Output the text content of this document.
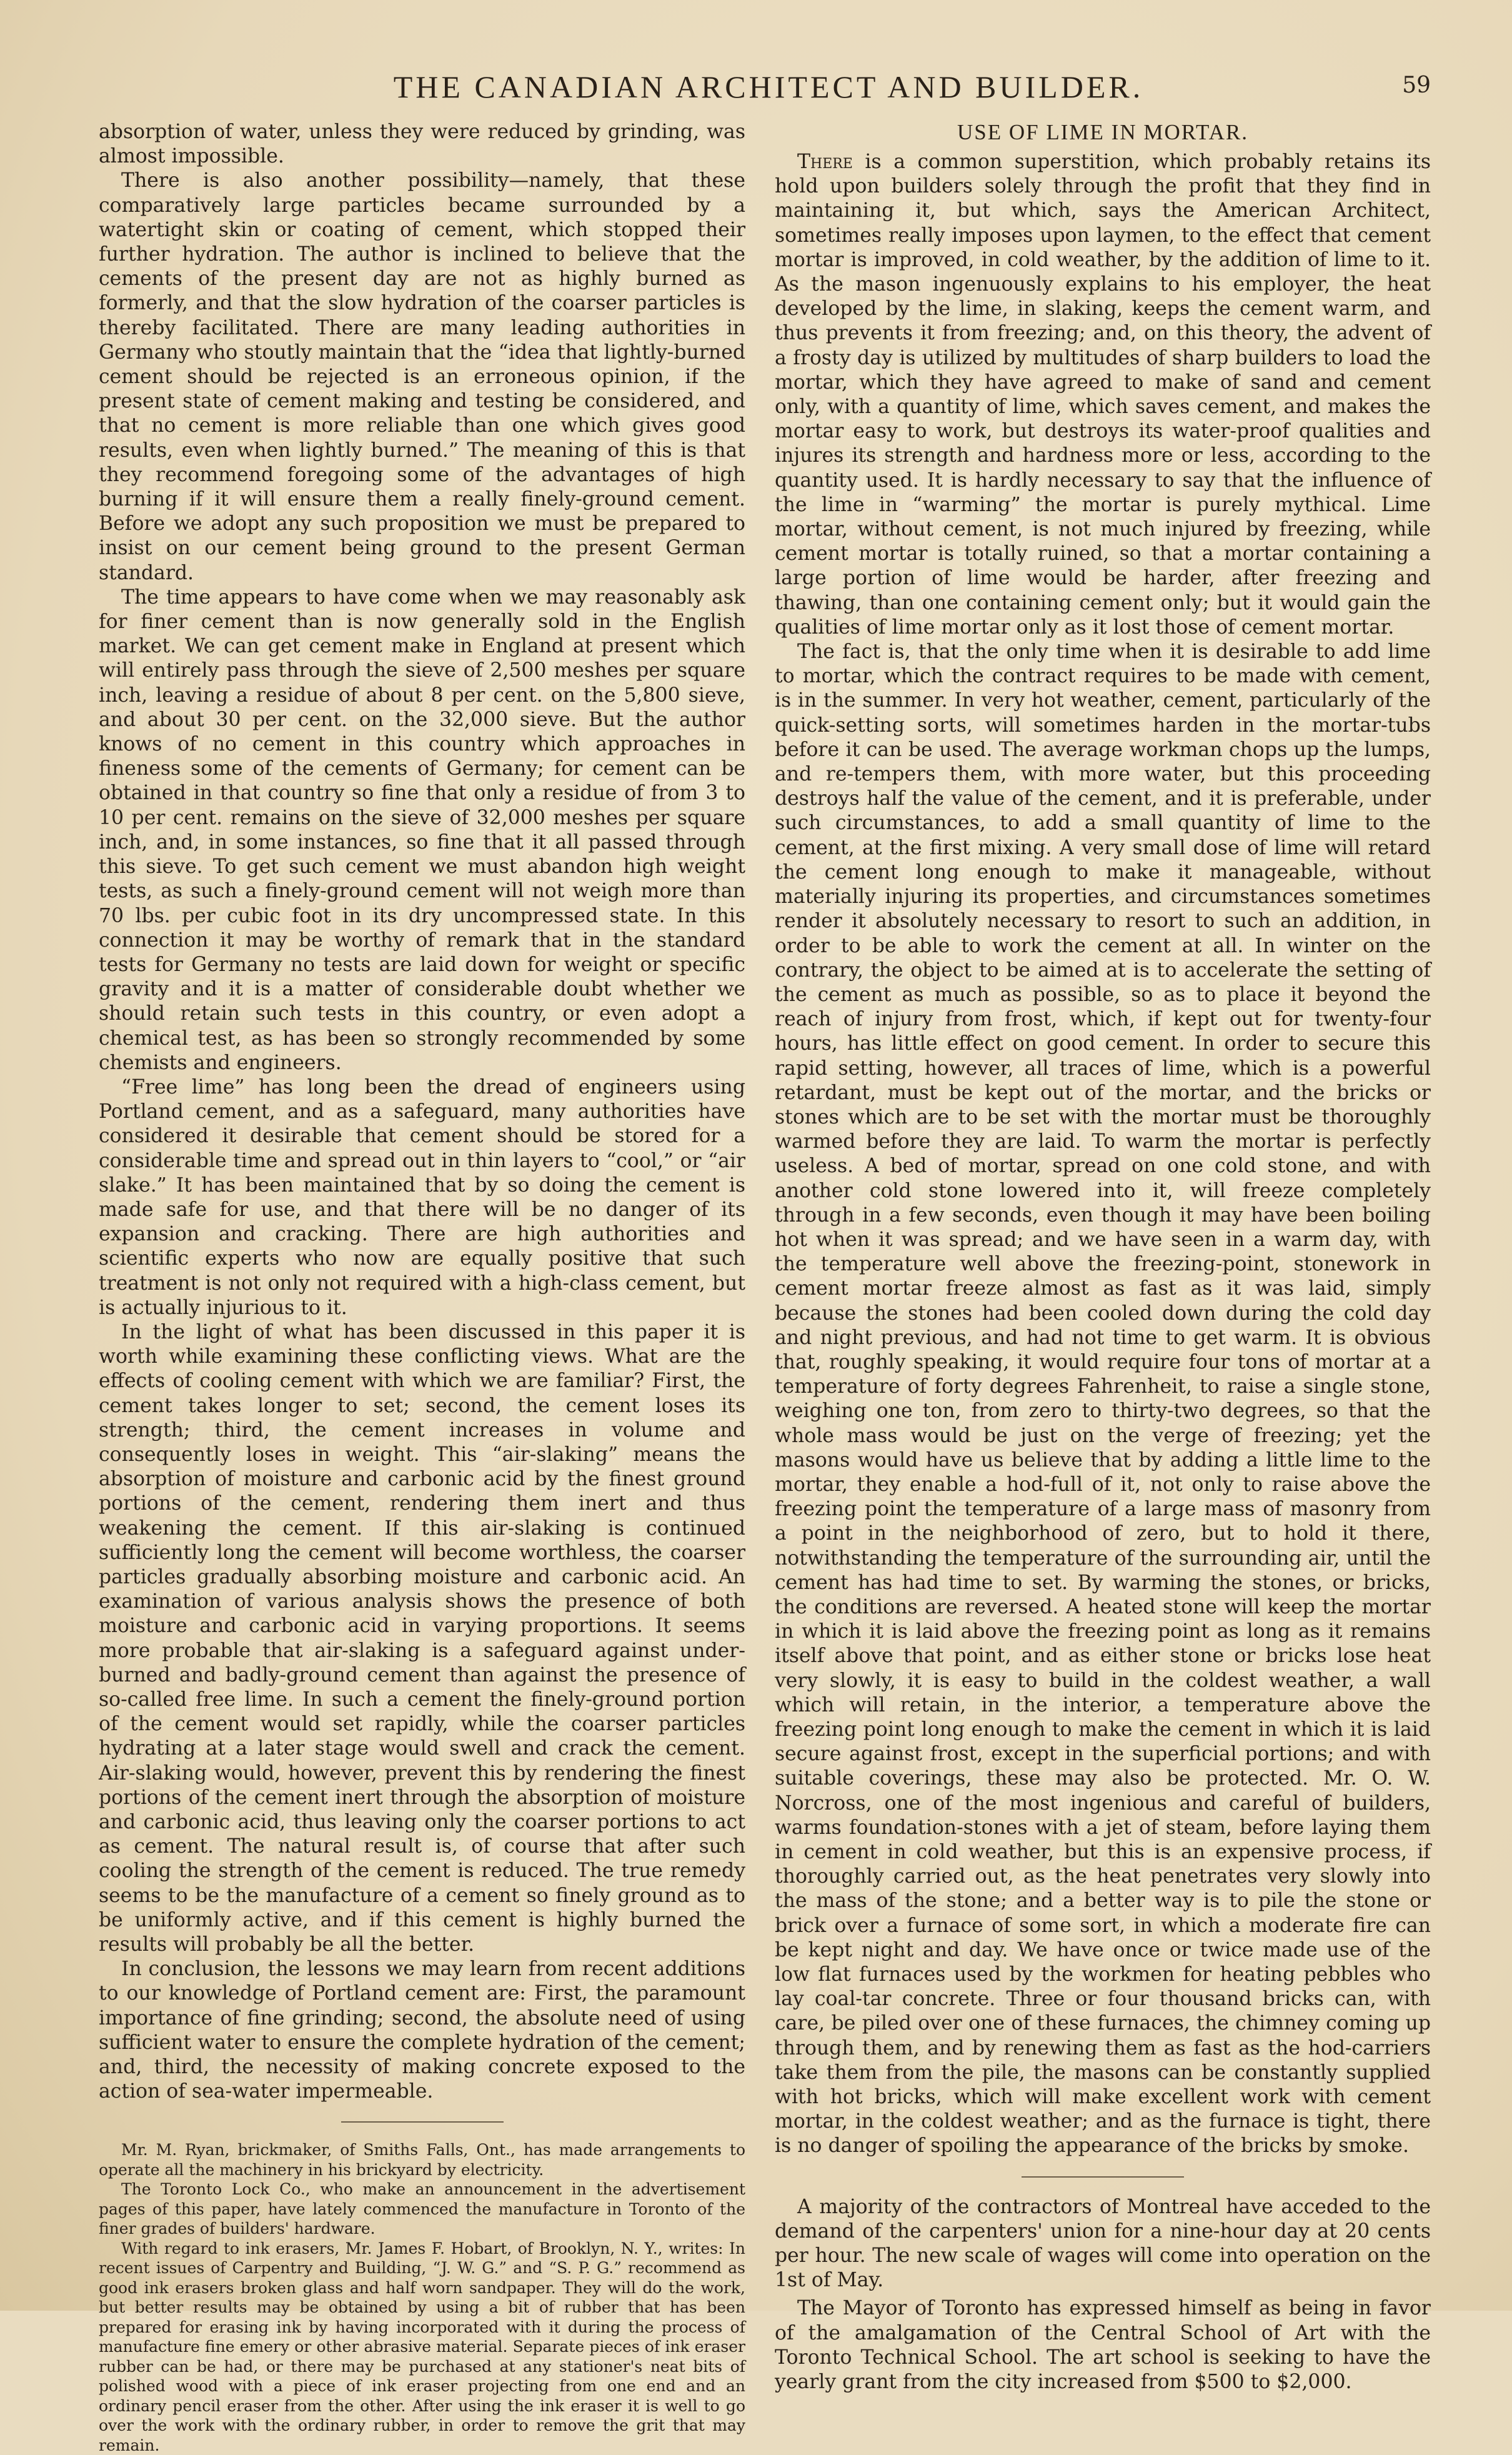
THE CANADIAN ARCHITECT AND BUILDER.	59

absorption of water, unless they were reduced by grinding, was almost impossible.

There is also another possibility—namely, that these comparatively large particles became surrounded by a watertight skin or coating of cement, which stopped their further hydration. The author is inclined to believe that the cements of the present day are not as highly burned as formerly, and that the slow hydration of the coarser particles is thereby facilitated. There are many leading authorities in Germany who stoutly maintain that the “idea that lightly-burned cement should be rejected is an erroneous opinion, if the present state of cement making and testing be considered, and that no cement is more reliable than one which gives good results, even when lightly burned.” The meaning of this is that they recommend foregoing some of the advantages of high burning if it will ensure them a really finely-ground cement. Before we adopt any such proposition we must be prepared to insist on our cement being ground to the present German standard.

The time appears to have come when we may reasonably ask for finer cement than is now generally sold in the English market. We can get cement make in England at present which will entirely pass through the sieve of 2,500 meshes per square inch, leaving a residue of about 8 per cent. on the 5,800 sieve, and about 30 per cent. on the 32,000 sieve. But the author knows of no cement in this country which approaches in fineness some of the cements of Germany; for cement can be obtained in that country so fine that only a residue of from 3 to 10 per cent. remains on the sieve of 32,000 meshes per square inch, and, in some instances, so fine that it all passed through this sieve. To get such cement we must abandon high weight tests, as such a finely-ground cement will not weigh more than 70 lbs. per cubic foot in its dry uncompressed state. In this connection it may be worthy of remark that in the standard tests for Germany no tests are laid down for weight or specific gravity and it is a matter of considerable doubt whether we should retain such tests in this country, or even adopt a chemical test, as has been so strongly recommended by some chemists and engineers.

“Free lime” has long been the dread of engineers using Portland cement, and as a safeguard, many authorities have considered it desirable that cement should be stored for a considerable time and spread out in thin layers to “cool,” or “air slake.” It has been maintained that by so doing the cement is made safe for use, and that there will be no danger of its expansion and cracking. There are high authorities and scientific experts who now are equally positive that such treatment is not only not required with a high-class cement, but is actually injurious to it.

In the light of what has been discussed in this paper it is worth while examining these conflicting views. What are the effects of cooling cement with which we are familiar? First, the cement takes longer to set; second, the cement loses its strength; third, the cement increases in volume and consequently loses in weight. This “air-slaking” means the absorption of moisture and carbonic acid by the finest ground portions of the cement, rendering them inert and thus weakening the cement. If this air-slaking is continued sufficiently long the cement will become worthless, the coarser particles gradually absorbing moisture and carbonic acid. An examination of various analysis shows the presence of both moisture and carbonic acid in varying proportions. It seems more probable that air-slaking is a safeguard against under-burned and badly-ground cement than against the presence of so-called free lime. In such a cement the finely-ground portion of the cement would set rapidly, while the coarser particles hydrating at a later stage would swell and crack the cement. Air-slaking would, however, prevent this by rendering the finest portions of the cement inert through the absorption of moisture and carbonic acid, thus leaving only the coarser portions to act as cement. The natural result is, of course that after such cooling the strength of the cement is reduced. The true remedy seems to be the manufacture of a cement so finely ground as to be uniformly active, and if this cement is highly burned the results will probably be all the better.

In conclusion, the lessons we may learn from recent additions to our knowledge of Portland cement are: First, the paramount importance of fine grinding; second, the absolute need of using sufficient water to ensure the complete hydration of the cement; and, third, the necessity of making concrete exposed to the action of sea-water impermeable.

Mr. M. Ryan, brickmaker, of Smiths Falls, Ont., has made arrangements to operate all the machinery in his brickyard by electricity.

The Toronto Lock Co., who make an announcement in the advertisement pages of this paper, have lately commenced the manufacture in Toronto of the finer grades of builders' hardware.

With regard to ink erasers, Mr. James F. Hobart, of Brooklyn, N. Y., writes: In recent issues of Carpentry and Building, “J. W. G.” and “S. P. G.” recommend as good ink erasers broken glass and half worn sandpaper. They will do the work, but better results may be obtained by using a bit of rubber that has been prepared for erasing ink by having incorporated with it during the process of manufacture fine emery or other abrasive material. Separate pieces of ink eraser rubber can be had, or there may be purchased at any stationer's neat bits of polished wood with a piece of ink eraser projecting from one end and an ordinary pencil eraser from the other. After using the ink eraser it is well to go over the work with the ordinary rubber, in order to remove the grit that may remain.

USE OF LIME IN MORTAR.

There is a common superstition, which probably retains its hold upon builders solely through the profit that they find in maintaining it, but which, says the American Architect, sometimes really imposes upon laymen, to the effect that cement mortar is improved, in cold weather, by the addition of lime to it. As the mason ingenuously explains to his employer, the heat developed by the lime, in slaking, keeps the cement warm, and thus prevents it from freezing; and, on this theory, the advent of a frosty day is utilized by multitudes of sharp builders to load the mortar, which they have agreed to make of sand and cement only, with a quantity of lime, which saves cement, and makes the mortar easy to work, but destroys its water-proof qualities and injures its strength and hardness more or less, according to the quantity used. It is hardly necessary to say that the influence of the lime in “warming” the mortar is purely mythical. Lime mortar, without cement, is not much injured by freezing, while cement mortar is totally ruined, so that a mortar containing a large portion of lime would be harder, after freezing and thawing, than one containing cement only; but it would gain the qualities of lime mortar only as it lost those of cement mortar.

The fact is, that the only time when it is desirable to add lime to mortar, which the contract requires to be made with cement, is in the summer. In very hot weather, cement, particularly of the quick-setting sorts, will sometimes harden in the mortar-tubs before it can be used. The average workman chops up the lumps, and re-tempers them, with more water, but this proceeding destroys half the value of the cement, and it is preferable, under such circumstances, to add a small quantity of lime to the cement, at the first mixing. A very small dose of lime will retard the cement long enough to make it manageable, without materially injuring its properties, and circumstances sometimes render it absolutely necessary to resort to such an addition, in order to be able to work the cement at all. In winter on the contrary, the object to be aimed at is to accelerate the setting of the cement as much as possible, so as to place it beyond the reach of injury from frost, which, if kept out for twenty-four hours, has little effect on good cement. In order to secure this rapid setting, however, all traces of lime, which is a powerful retardant, must be kept out of the mortar, and the bricks or stones which are to be set with the mortar must be thoroughly warmed before they are laid. To warm the mortar is perfectly useless. A bed of mortar, spread on one cold stone, and with another cold stone lowered into it, will freeze completely through in a few seconds, even though it may have been boiling hot when it was spread; and we have seen in a warm day, with the temperature well above the freezing-point, stonework in cement mortar freeze almost as fast as it was laid, simply because the stones had been cooled down during the cold day and night previous, and had not time to get warm. It is obvious that, roughly speaking, it would require four tons of mortar at a temperature of forty degrees Fahrenheit, to raise a single stone, weighing one ton, from zero to thirty-two degrees, so that the whole mass would be just on the verge of freezing; yet the masons would have us believe that by adding a little lime to the mortar, they enable a hod-full of it, not only to raise above the freezing point the temperature of a large mass of masonry from a point in the neighborhood of zero, but to hold it there, notwithstanding the temperature of the surrounding air, until the cement has had time to set. By warming the stones, or bricks, the conditions are reversed. A heated stone will keep the mortar in which it is laid above the freezing point as long as it remains itself above that point, and as either stone or bricks lose heat very slowly, it is easy to build in the coldest weather, a wall which will retain, in the interior, a temperature above the freezing point long enough to make the cement in which it is laid secure against frost, except in the superficial portions; and with suitable coverings, these may also be protected. Mr. O. W. Norcross, one of the most ingenious and careful of builders, warms foundation-stones with a jet of steam, before laying them in cement in cold weather, but this is an expensive process, if thoroughly carried out, as the heat penetrates very slowly into the mass of the stone; and a better way is to pile the stone or brick over a furnace of some sort, in which a moderate fire can be kept night and day. We have once or twice made use of the low flat furnaces used by the workmen for heating pebbles who lay coal-tar concrete. Three or four thousand bricks can, with care, be piled over one of these furnaces, the chimney coming up through them, and by renewing them as fast as the hod-carriers take them from the pile, the masons can be constantly supplied with hot bricks, which will make excellent work with cement mortar, in the coldest weather; and as the furnace is tight, there is no danger of spoiling the appearance of the bricks by smoke.

A majority of the contractors of Montreal have acceded to the demand of the carpenters' union for a nine-hour day at 20 cents per hour. The new scale of wages will come into operation on the 1st of May.

The Mayor of Toronto has expressed himself as being in favor of the amalgamation of the Central School of Art with the Toronto Technical School. The art school is seeking to have the yearly grant from the city increased from $500 to $2,000.
